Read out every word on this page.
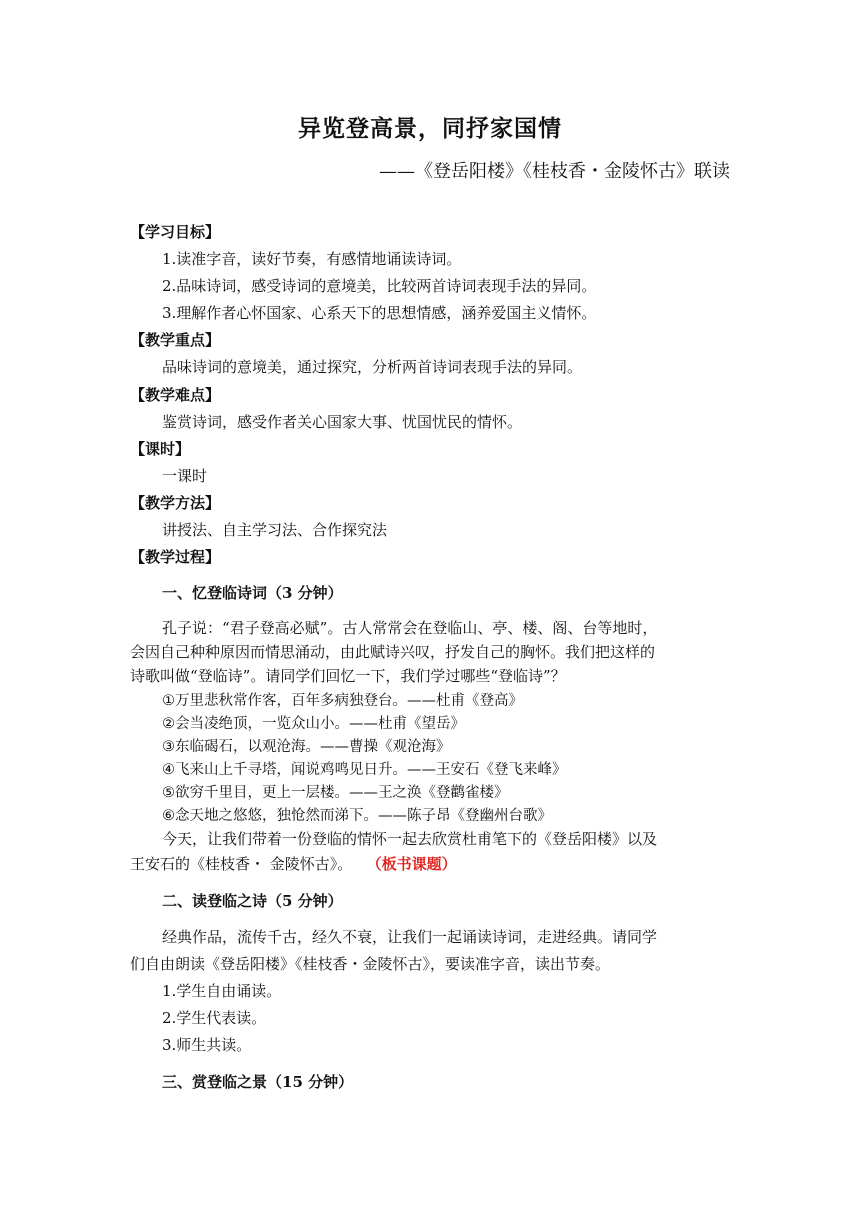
异览登高景，同抒家国情
——《登岳阳楼》《桂枝香・金陵怀古》联读
【学习目标】
1.读准字音，读好节奏，有感情地诵读诗词。
2.品味诗词，感受诗词的意境美，比较两首诗词表现手法的异同。
3.理解作者心怀国家、心系天下的思想情感，涵养爱国主义情怀。
【教学重点】
品味诗词的意境美，通过探究，分析两首诗词表现手法的异同。
【教学难点】
鉴赏诗词，感受作者关心国家大事、忧国忧民的情怀。
【课时】
一课时
【教学方法】
讲授法、自主学习法、合作探究法
【教学过程】
一、忆登临诗词（3 分钟）
孔子说：“君子登高必赋”。古人常常会在登临山、亭、楼、阁、台等地时，
会因自己种种原因而情思涌动，由此赋诗兴叹，抒发自己的胸怀。我们把这样的
诗歌叫做“登临诗”。请同学们回忆一下，我们学过哪些“登临诗”？
①万里悲秋常作客，百年多病独登台。——杜甫《登高》
②会当凌绝顶，一览众山小。——杜甫《望岳》
③东临碣石，以观沧海。——曹操《观沧海》
④飞来山上千寻塔，闻说鸡鸣见日升。——王安石《登飞来峰》
⑤欲穷千里目，更上一层楼。——王之涣《登鹳雀楼》
⑥念天地之悠悠，独怆然而涕下。——陈子昂《登幽州台歌》
今天，让我们带着一份登临的情怀一起去欣赏杜甫笔下的《登岳阳楼》以及
王安石的《桂枝香・ 金陵怀古》。 （板书课题）
二、读登临之诗（5 分钟）
经典作品，流传千古，经久不衰，让我们一起诵读诗词，走进经典。请同学
们自由朗读《登岳阳楼》《桂枝香・金陵怀古》，要读准字音，读出节奏。
1.学生自由诵读。
2.学生代表读。
3.师生共读。
三、赏登临之景（15 分钟）
